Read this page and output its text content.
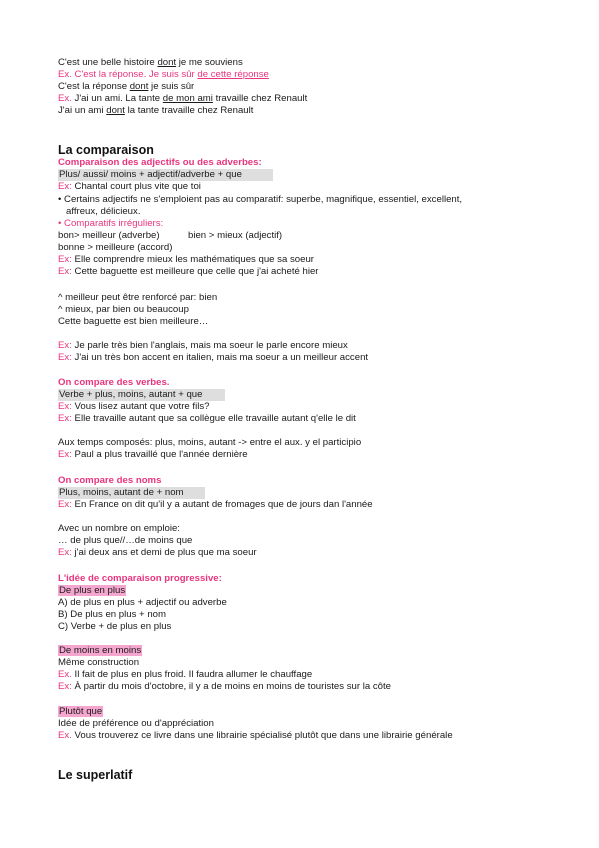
C'est une belle histoire dont je me souviens
Ex. C'est la réponse. Je suis sûr de cette réponse
C'est la réponse dont je suis sûr
Ex. J'ai un ami. La tante de mon ami travaille chez Renault
J'ai un ami dont la tante travaille chez Renault
La comparaison
Comparaison des adjectifs ou des adverbes:
Plus/ aussi/ moins + adjectif/adverbe + que
Ex: Chantal court plus vite que toi
• Certains adjectifs ne s'emploient pas au comparatif: superbe, magnifique, essentiel, excellent,
affreux, délicieux.
• Comparatifs irréguliers:
bon> meilleur (adverbe)	bien > mieux (adjectif)
bonne > meilleure (accord)
Ex: Elle comprendre mieux les mathématiques que sa soeur
Ex: Cette baguette est meilleure que celle que j'ai acheté hier
^ meilleur peut être renforcé par: bien
^ mieux, par bien ou beaucoup
Cette baguette est bien meilleure…
Ex: Je parle très bien l'anglais, mais ma soeur le parle encore mieux
Ex: J'ai un très bon accent en italien, mais ma soeur a un meilleur accent
On compare des verbes.
Verbe + plus, moins, autant + que
Ex: Vous lisez autant que votre fils?
Ex: Elle travaille autant que sa collègue elle travaille autant q'elle le dit
Aux temps composés: plus, moins, autant -> entre el aux. y el participio
Ex: Paul a plus travaillé que l'année dernière
On compare des noms
Plus, moins, autant de + nom
Ex: En France on dit qu'il y a autant de fromages que de jours dan l'année
Avec un nombre on emploie:
… de plus que//…de moins que
Ex: j'ai deux ans et demi de plus que ma soeur
L'idée de comparaison progressive:
De plus en plus
A) de plus en plus + adjectif ou adverbe
B) De plus en plus + nom
C) Verbe + de plus en plus
De moins en moins
Même construction
Ex. Il fait de plus en plus froid. Il faudra allumer le chauffage
Ex: À partir du mois d'octobre, il y a de moins en moins de touristes sur la côte
Plutôt que
Idée de préférence ou d'appréciation
Ex. Vous trouverez ce livre dans une librairie spécialisé plutôt que dans une librairie générale
Le superlatif
